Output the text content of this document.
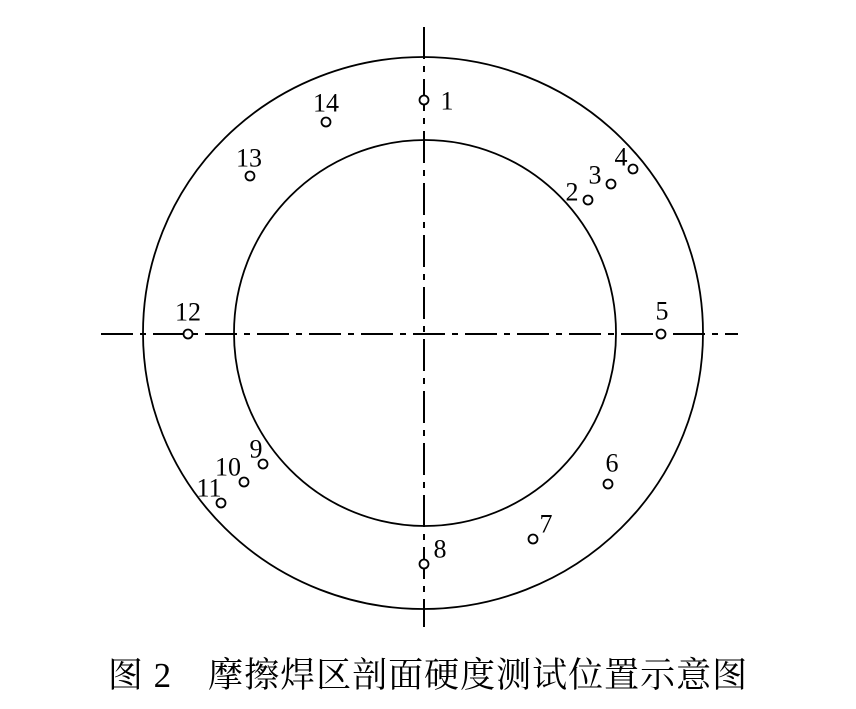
1
2
3
4
5
6
7
8
9
10
11
12
13
14
图 2　摩擦焊区剖面硬度测试位置示意图
